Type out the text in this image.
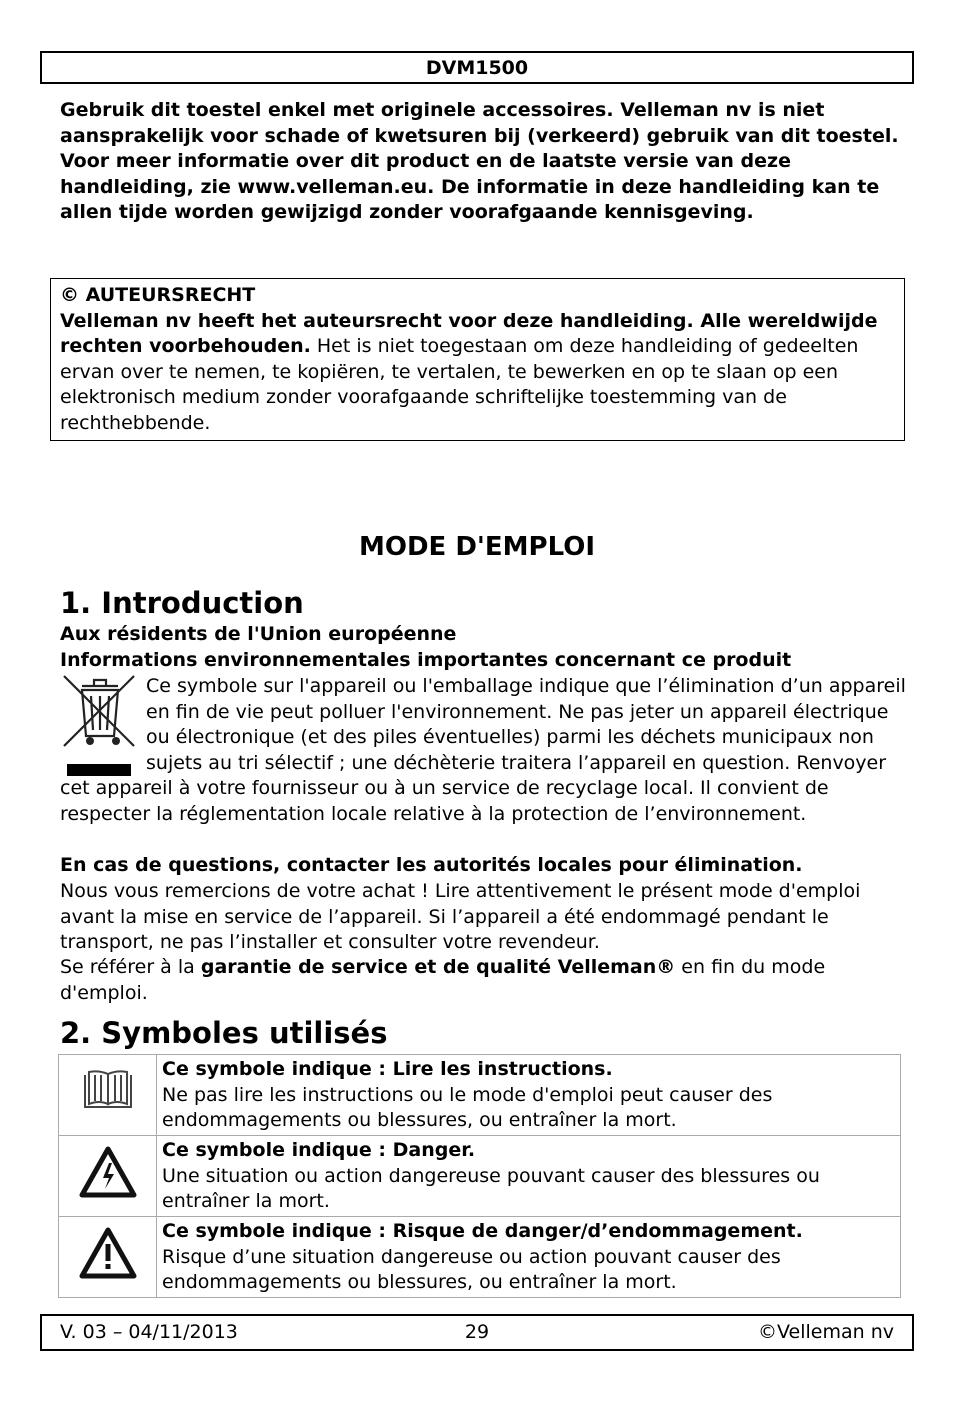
DVM1500
Gebruik dit toestel enkel met originele accessoires. Velleman nv is niet aansprakelijk voor schade of kwetsuren bij (verkeerd) gebruik van dit toestel. Voor meer informatie over dit product en de laatste versie van deze handleiding, zie www.velleman.eu. De informatie in deze handleiding kan te allen tijde worden gewijzigd zonder voorafgaande kennisgeving.
© AUTEURSRECHT
Velleman nv heeft het auteursrecht voor deze handleiding. Alle wereldwijde rechten voorbehouden. Het is niet toegestaan om deze handleiding of gedeelten ervan over te nemen, te kopiëren, te vertalen, te bewerken en op te slaan op een elektronisch medium zonder voorafgaande schriftelijke toestemming van de rechthebbende.
MODE D'EMPLOI
1. Introduction
Aux résidents de l'Union européenne
Informations environnementales importantes concernant ce produit
Ce symbole sur l'appareil ou l'emballage indique que l’élimination d’un appareil en fin de vie peut polluer l'environnement. Ne pas jeter un appareil électrique ou électronique (et des piles éventuelles) parmi les déchets municipaux non sujets au tri sélectif ; une déchèterie traitera l’appareil en question. Renvoyer cet appareil à votre fournisseur ou à un service de recyclage local. Il convient de respecter la réglementation locale relative à la protection de l’environnement.
En cas de questions, contacter les autorités locales pour élimination.
Nous vous remercions de votre achat ! Lire attentivement le présent mode d'emploi avant la mise en service de l’appareil. Si l’appareil a été endommagé pendant le transport, ne pas l’installer et consulter votre revendeur.
Se référer à la garantie de service et de qualité Velleman® en fin du mode d'emploi.
2. Symboles utilisés

Ce symbole indique : Lire les instructions.
Ne pas lire les instructions ou le mode d'emploi peut causer des endommagements ou blessures, ou entraîner la mort.

Ce symbole indique : Danger.
Une situation ou action dangereuse pouvant causer des blessures ou entraîner la mort.

Ce symbole indique : Risque de danger/d’endommagement.
Risque d’une situation dangereuse ou action pouvant causer des endommagements ou blessures, ou entraîner la mort.
V. 03 – 04/11/2013	29	©Velleman nv
